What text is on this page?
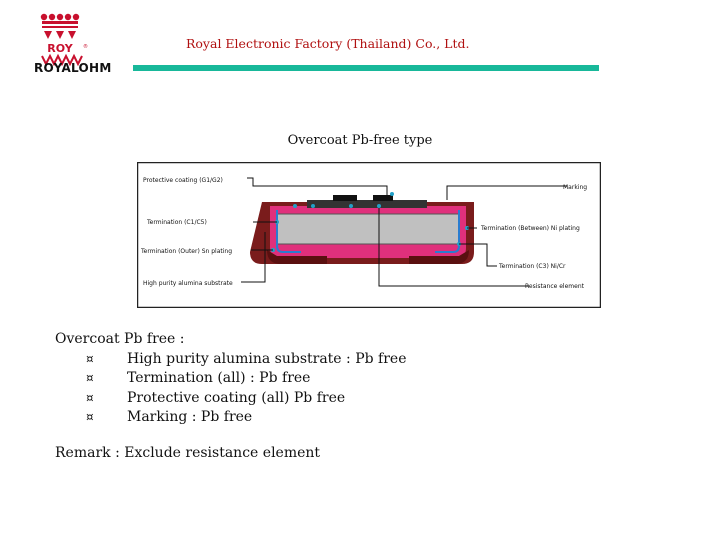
ROY ®
ROYALOHM
Royal Electronic Factory (Thailand) Co., Ltd.
Overcoat Pb-free type
Protective coating (G1/G2)
Termination (C1/C5)
Termination (Outer) Sn plating
High purity alumina substrate
Marking
Termination (Between) Ni plating
Termination (C3) Ni/Cr
Resistance element
Overcoat Pb free :
¤	High purity alumina substrate : Pb free
¤	Termination (all) : Pb free
¤	Protective coating (all) Pb free
¤	Marking : Pb free
Remark : Exclude resistance element
